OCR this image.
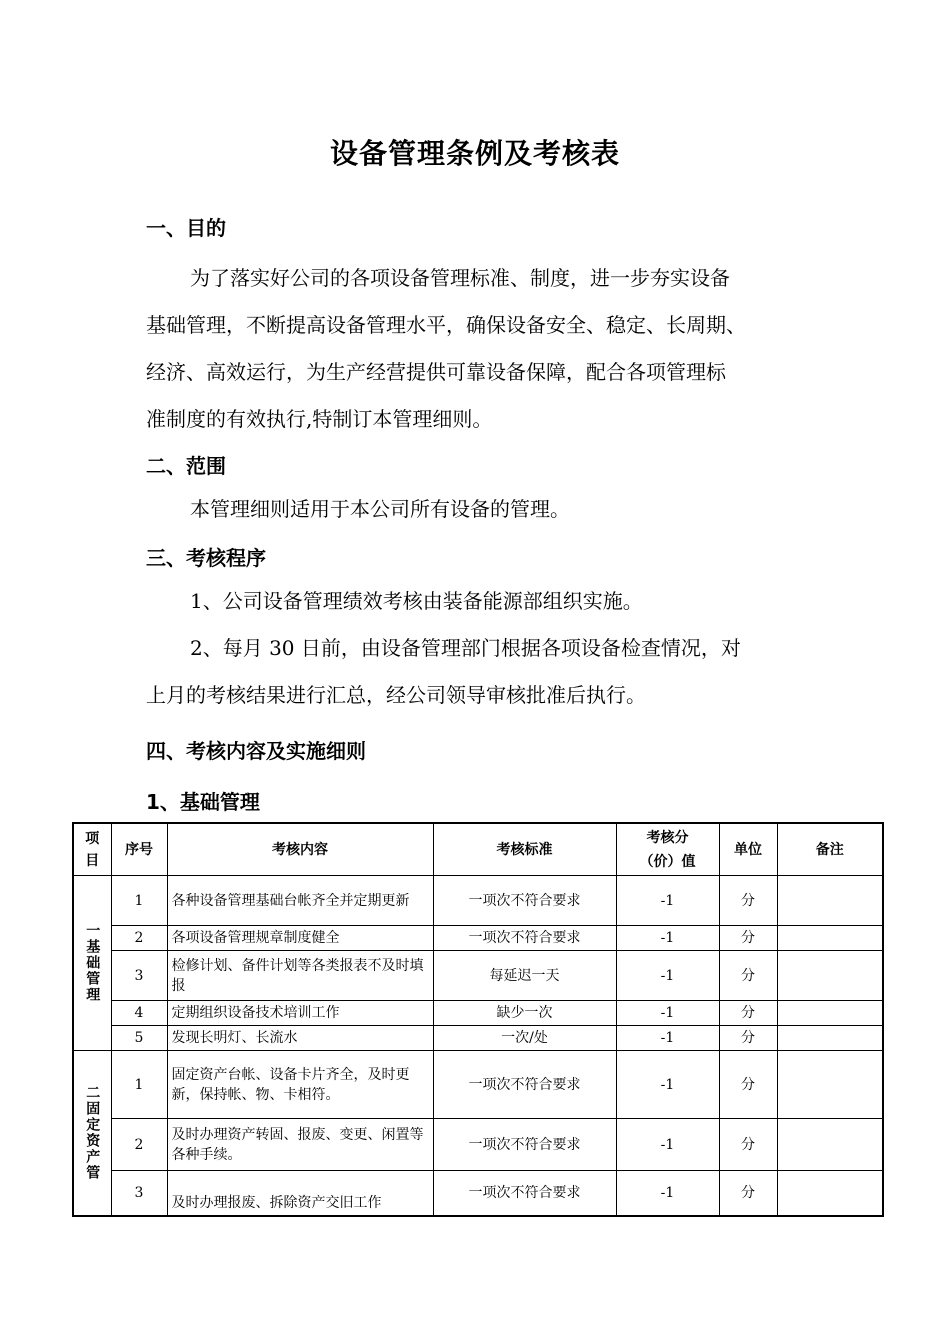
设备管理条例及考核表
一、目的
为了落实好公司的各项设备管理标准、制度，进一步夯实设备
基础管理，不断提高设备管理水平，确保设备安全、稳定、长周期、
经济、高效运行，为生产经营提供可靠设备保障，配合各项管理标
准制度的有效执行,特制订本管理细则。
二、范围
本管理细则适用于本公司所有设备的管理。
三、考核程序
1、公司设备管理绩效考核由装备能源部组织实施。
2、每月 30 日前，由设备管理部门根据各项设备检查情况，对
上月的考核结果进行汇总，经公司领导审核批准后执行。
四、考核内容及实施细则
1、基础管理
项目	序号	考核内容	考核标准	考核分（价）值	单位	备注

一基础管理	1	各种设备管理基础台帐齐全并定期更新	一项次不符合要求	-1	分	
	2	各项设备管理规章制度健全	一项次不符合要求	-1	分	
	3	检修计划、备件计划等各类报表不及时填报	每延迟一天	-1	分	
	4	定期组织设备技术培训工作	缺少一次	-1	分	
	5	发现长明灯、长流水	一次/处	-1	分	

二固定资产管	1	固定资产台帐、设备卡片齐全，及时更新，保持帐、物、卡相符。	一项次不符合要求	-1	分	
	2	及时办理资产转固、报废、变更、闲置等各种手续。	一项次不符合要求	-1	分	
	3	及时办理报废、拆除资产交旧工作	一项次不符合要求	-1	分	
